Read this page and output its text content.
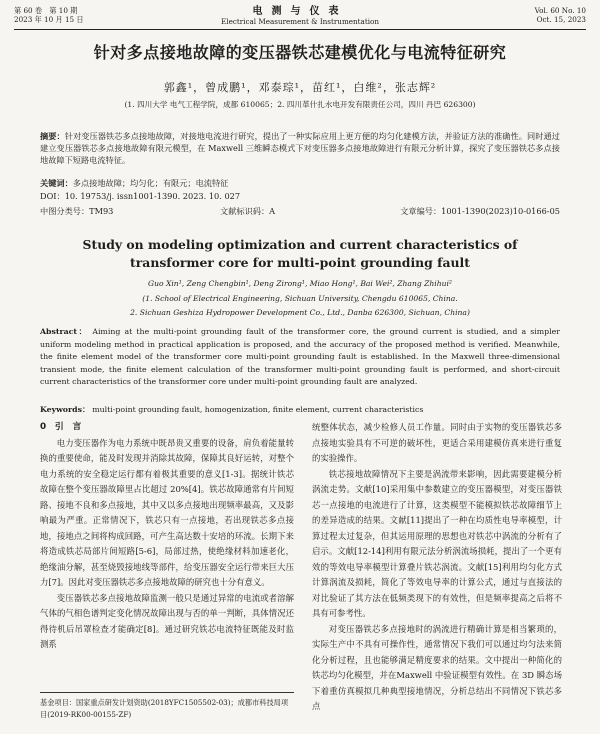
第 60 卷　第 10 期
2023 年 10 月 15 日
电测与仪表
Electrical Measurement & Instrumentation
Vol. 60 No. 10
Oct. 15, 2023
针对多点接地故障的变压器铁芯建模优化与电流特征研究
郭鑫¹，曾成鹏¹，邓泰琮¹，苗红¹，白维²，张志辉²
(1. 四川大学 电气工程学院，成都 610065；2. 四川革什扎水电开发有限责任公司，四川 丹巴 626300)
摘要：针对变压器铁芯多点接地故障，对接地电流进行研究，提出了一种实际应用上更方便的均匀化建模方法，并验证方法的准确性。同时通过建立变压器铁芯多点接地故障有限元模型，在 Maxwell 三维瞬态模式下对变压器多点接地故障进行有限元分析计算，探究了变压器铁芯多点接地故障下短路电流特征。
关键词：多点接地故障；均匀化；有限元；电流特征
DOI：10. 19753/j. issn1001-1390. 2023. 10. 027
中图分类号：TM93	文献标识码：A	文章编号：1001-1390(2023)10-0166-05
Study on modeling optimization and current characteristics of transformer core for multi-point grounding fault
Guo Xin¹, Zeng Chengbin¹, Deng Zirong¹, Miao Hong¹, Bai Wei², Zhang Zhihui²
(1. School of Electrical Engineering, Sichuan University, Chengdu 610065, China.
2. Sichuan Geshiza Hydropower Development Co., Ltd., Danba 626300, Sichuan, China)
Abstract： Aiming at the multi-point grounding fault of the transformer core, the ground current is studied, and a simpler uniform modeling method in practical application is proposed, and the accuracy of the proposed method is verified. Meanwhile, the finite element model of the transformer core multi-point grounding fault is established. In the Maxwell three-dimensional transient mode, the finite element calculation of the transformer multi-point grounding fault is performed, and short-circuit current characteristics of the transformer core under multi-point grounding fault are analyzed.
Keywords： multi-point grounding fault, homogenization, finite element, current characteristics

0　引　言

电力变压器作为电力系统中既昂贵又重要的设备，肩负着能量转换的重要使命，能及时发现并消除其故障，保障其良好运转，对整个电力系统的安全稳定运行都有着极其重要的意义[1-3]。据统计铁芯故障在整个变压器故障里占比超过 20%[4]。铁芯故障通常有片间短路、接地不良和多点接地，其中又以多点接地出现频率最高，又及影响最为严重。正常情况下，铁芯只有一点接地，若出现铁芯多点接地，接地点之间将构成回路，可产生高达数十安培的环流。长期下来将造成铁芯局部片间短路[5-6]，局部过热，使绝缘材料加速老化，绝缘油分解，甚至烧毁接地线等部件，给变压器安全运行带来巨大压力[7]。因此对变压器铁芯多点接地故障的研究也十分有意义。

变压器铁芯多点接地故障监测一般只是通过异常的电流或者溶解气体的气相色谱判定变化情况故障出现与否的单一判断，具体情况还得待机后吊罩检查才能确定[8]。通过研究铁芯电流特征既能及时监测系

统整体状态，减少检修人员工作量。同时由于实物的变压器铁芯多点接地实验具有不可逆的破坏性，更适合采用建模仿真来进行重复的实验操作。

铁芯接地故障情况下主要是涡流带来影响，因此需要建模分析涡流走势。文献[10]采用集中参数建立的变压器模型，对变压器铁芯一点接地的电流进行了计算，这类模型不能模拟铁芯故障细节上的差异造成的结果。文献[11]提出了一种在均质性电导率模型，计算过程太过复杂，但其运用原理的思想也对铁芯中涡流的分析有了启示。文献[12-14]利用有限元法分析涡流场损耗，提出了一个更有效的等效电导率模型计算叠片铁芯涡流。文献[15]利用均匀化方式计算涡流及损耗，简化了等效电导率的计算公式，通过与直接法的对比验证了其方法在低频类现下的有效性，但是频率提高之后将不具有可参考性。

对变压器铁芯多点接地时的涡流进行精确计算是相当繁琐的，实际生产中不具有可操作性，通常情况下我们可以通过均匀法来简化分析过程，且也能够满足精度要求的结果。文中提出一种简化的铁芯均匀化模型，并在Maxwell 中验证模型有效性。在 3D 瞬态场下着重仿真模拟几种典型接地情况，分析总结出不同情况下铁芯多点

基金项目：国家重点研发计划资助(2018YFC1505502-03)；成都市科技局项目(2019-RK00-00155-ZF)
